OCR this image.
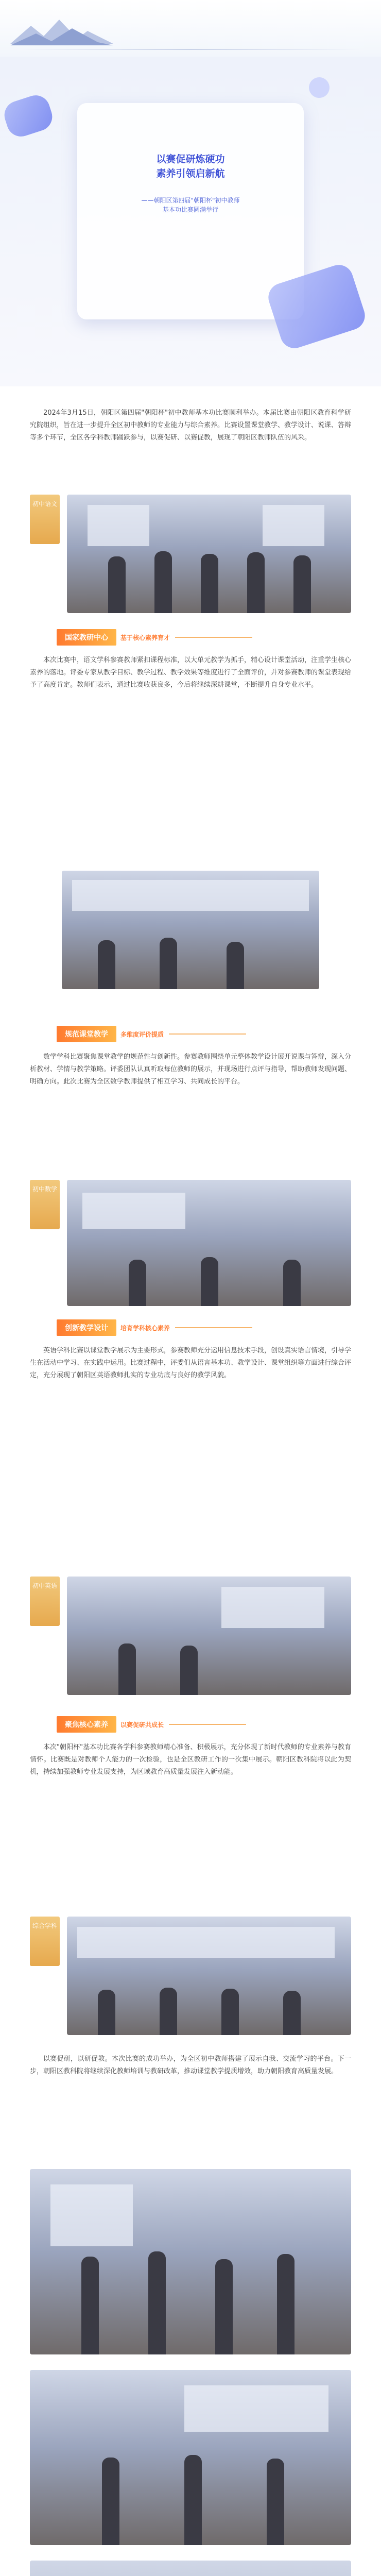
以赛促研炼硬功
素养引领启新航
——朝阳区第四届"朝阳杯"初中教师
基本功比赛圆满举行
2024年3月15日，朝阳区第四届"朝阳杯"初中教师基本功比赛顺利举办。本届比赛由朝阳区教育科学研究院组织，旨在进一步提升全区初中教师的专业能力与综合素养。比赛设置课堂教学、教学设计、说课、答辩等多个环节，全区各学科教师踊跃参与，以赛促研、以赛促教，展现了朝阳区教师队伍的风采。
初中语文
国家教研中心	基于核心素养育才
本次比赛中，语文学科参赛教师紧扣课程标准，以大单元教学为抓手，精心设计课堂活动，注重学生核心素养的落地。评委专家从教学目标、教学过程、教学效果等维度进行了全面评价，并对参赛教师的课堂表现给予了高度肯定。教师们表示，通过比赛收获良多，今后将继续深耕课堂，不断提升自身专业水平。
规范课堂教学	多维度评价提质
数学学科比赛聚焦课堂教学的规范性与创新性。参赛教师围绕单元整体教学设计展开说课与答辩，深入分析教材、学情与教学策略。评委团队认真听取每位教师的展示，并现场进行点评与指导，帮助教师发现问题、明确方向。此次比赛为全区数学教师提供了相互学习、共同成长的平台。
初中数学
创新教学设计	培育学科核心素养
英语学科比赛以课堂教学展示为主要形式，参赛教师充分运用信息技术手段，创设真实语言情境，引导学生在活动中学习、在实践中运用。比赛过程中，评委们从语言基本功、教学设计、课堂组织等方面进行综合评定，充分展现了朝阳区英语教师扎实的专业功底与良好的教学风貌。
初中英语
聚焦核心素养	以赛促研共成长
本次"朝阳杯"基本功比赛各学科参赛教师精心准备、积极展示，充分体现了新时代教师的专业素养与教育情怀。比赛既是对教师个人能力的一次检验，也是全区教研工作的一次集中展示。朝阳区教科院将以此为契机，持续加强教师专业发展支持，为区域教育高质量发展注入新动能。
综合学科
以赛促研，以研促教。本次比赛的成功举办，为全区初中教师搭建了展示自我、交流学习的平台。下一步，朝阳区教科院将继续深化教师培训与教研改革，推动课堂教学提质增效，助力朝阳教育高质量发展。
